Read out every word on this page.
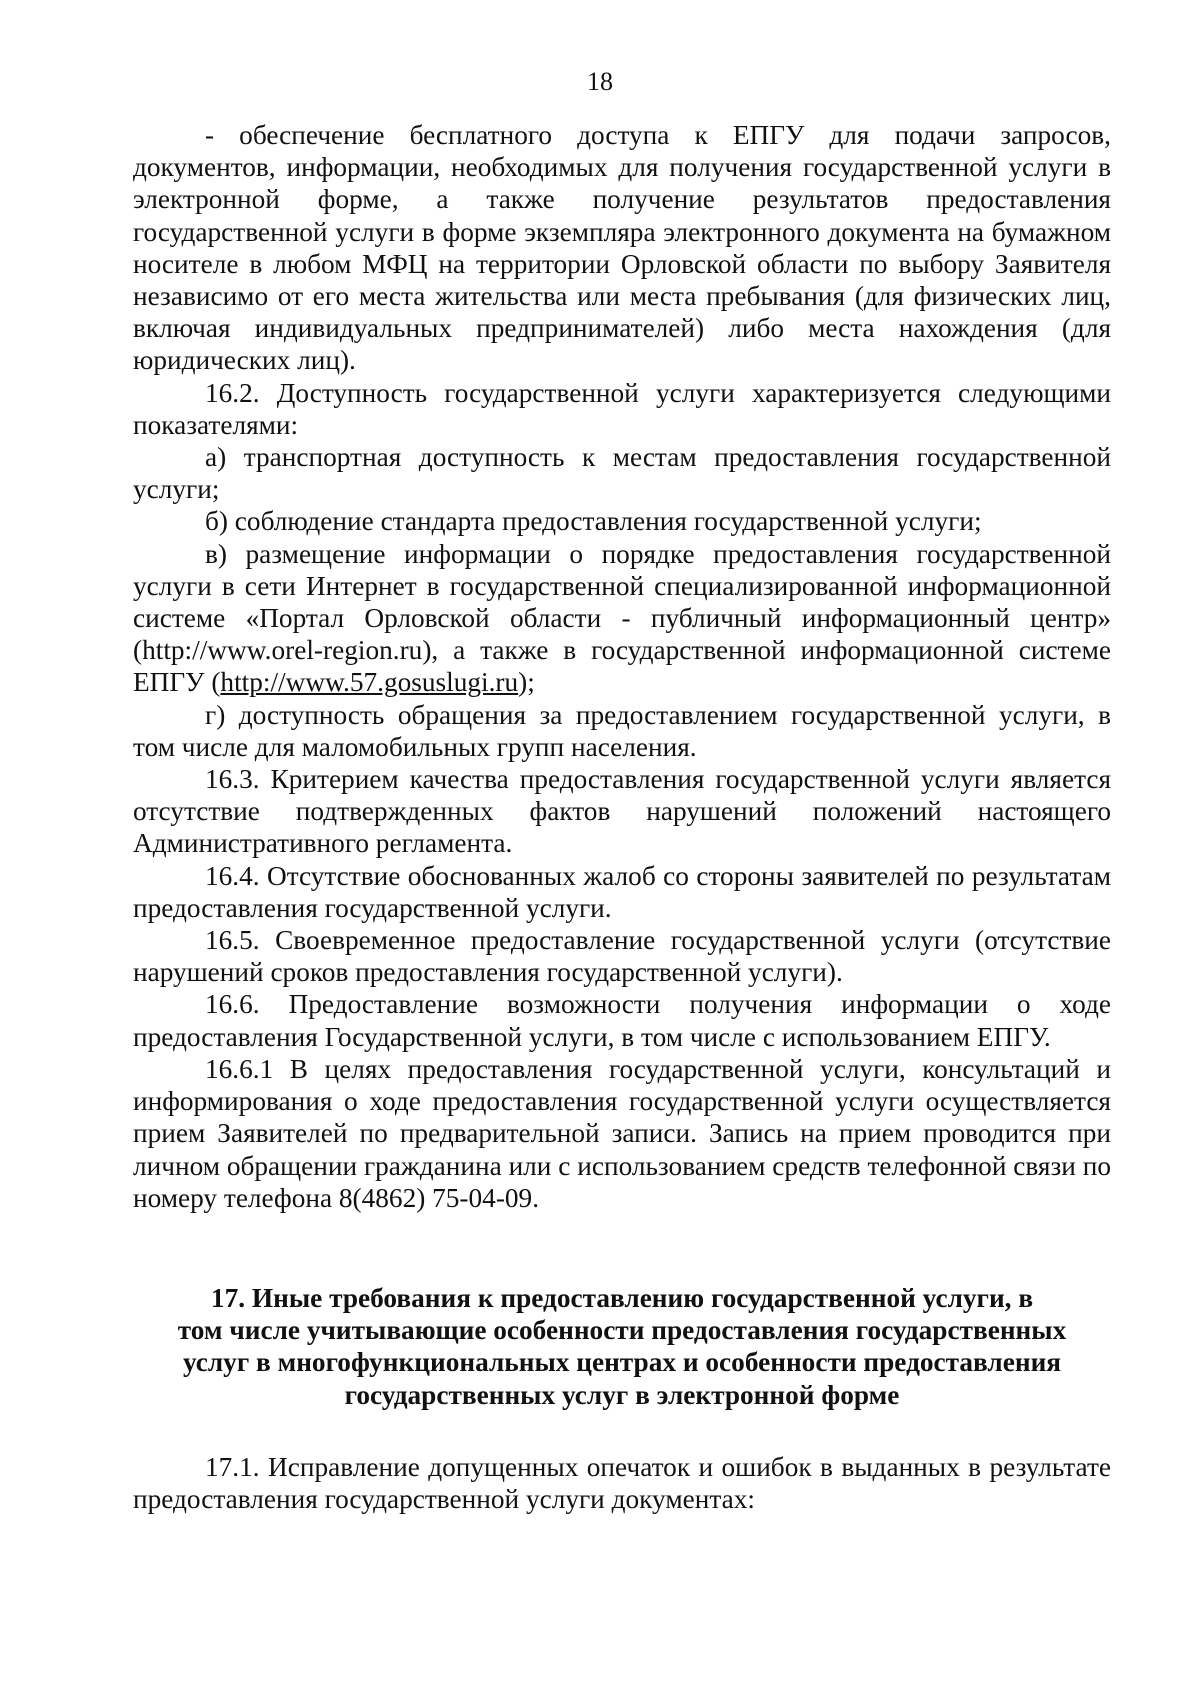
18

- обеспечение бесплатного доступа к ЕПГУ для подачи запросов, документов, информации, необходимых для получения государственной услуги в электронной форме, а также получение результатов предоставления государственной услуги в форме экземпляра электронного документа на бумажном носителе в любом МФЦ на территории Орловской области по выбору Заявителя независимо от его места жительства или места пребывания (для физических лиц, включая индивидуальных предпринимателей) либо места нахождения (для юридических лиц).

16.2. Доступность государственной услуги характеризуется следующими показателями:

а) транспортная доступность к местам предоставления государственной услуги;

б) соблюдение стандарта предоставления государственной услуги;

в) размещение информации о порядке предоставления государственной услуги в сети Интернет в государственной специализированной информационной системе «Портал Орловской области - публичный информационный центр» (http://www.orel-region.ru), а также в государственной информационной системе ЕПГУ (http://www.57.gosuslugi.ru);

г) доступность обращения за предоставлением государственной услуги, в том числе для маломобильных групп населения.

16.3. Критерием качества предоставления государственной услуги является отсутствие подтвержденных фактов нарушений положений настоящего Административного регламента.

16.4. Отсутствие обоснованных жалоб со стороны заявителей по результатам предоставления государственной услуги.

16.5. Своевременное предоставление государственной услуги (отсутствие нарушений сроков предоставления государственной услуги).

16.6. Предоставление возможности получения информации о ходе предоставления Государственной услуги, в том числе с использованием ЕПГУ.

16.6.1 В целях предоставления государственной услуги, консультаций и информирования о ходе предоставления государственной услуги осуществляется прием Заявителей по предварительной записи. Запись на прием проводится при личном обращении гражданина или с использованием средств телефонной связи по номеру телефона 8(4862) 75-04-09.

17. Иные требования к предоставлению государственной услуги, в
том числе учитывающие особенности предоставления государственных
услуг в многофункциональных центрах и особенности предоставления
государственных услуг в электронной форме

17.1. Исправление допущенных опечаток и ошибок в выданных в результате предоставления государственной услуги документах:
